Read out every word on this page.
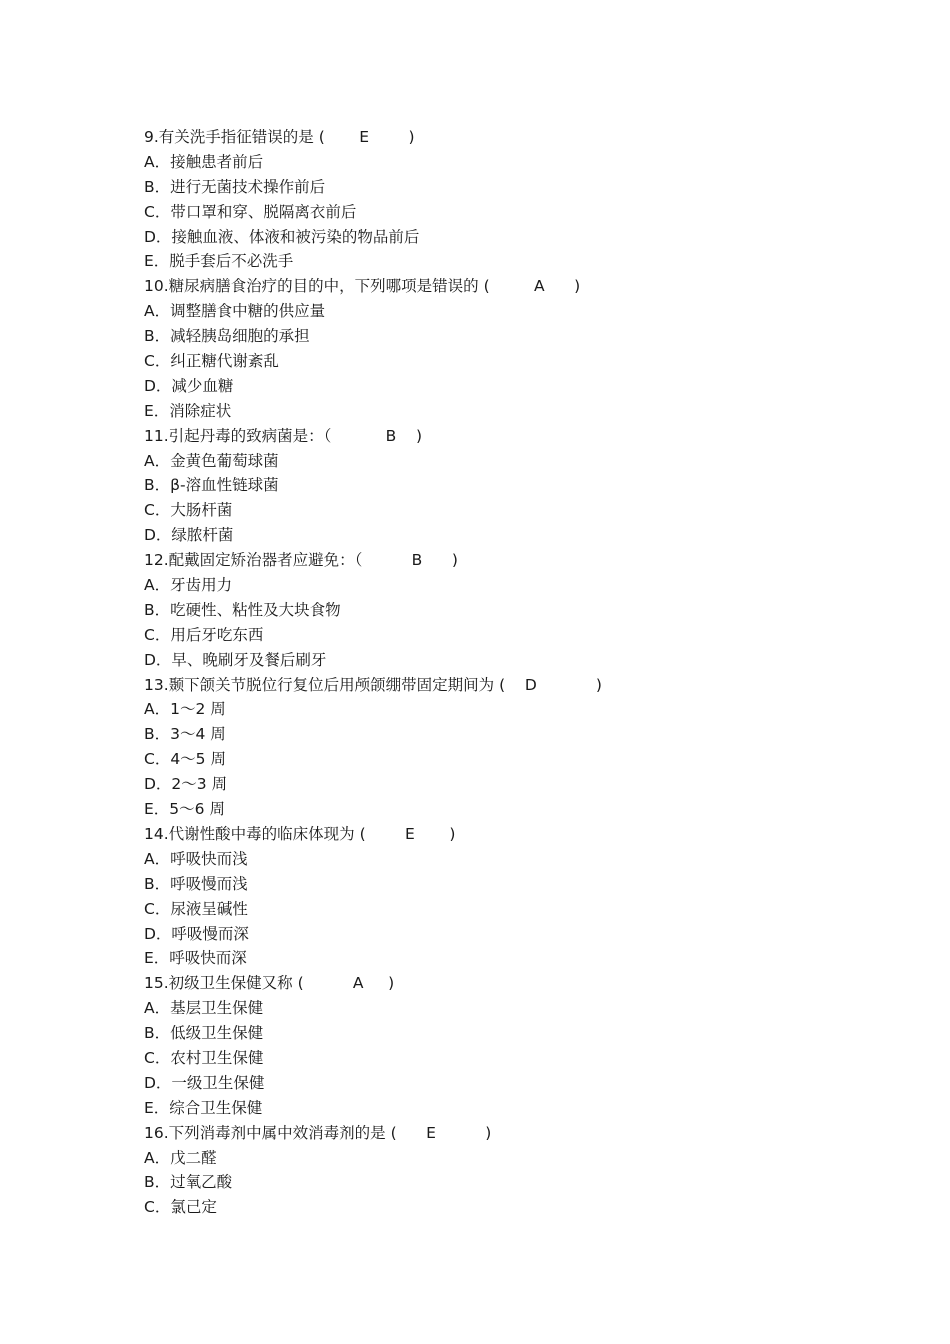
9.有关洗手指征错误的是 (       E        )
A．接触患者前后
B．进行无菌技术操作前后
C．带口罩和穿、脱隔离衣前后
D．接触血液、体液和被污染的物品前后
E．脱手套后不必洗手
10.糖尿病膳食治疗的目的中，下列哪项是错误的 (         A      )
A．调整膳食中糖的供应量
B．减轻胰岛细胞的承担
C．纠正糖代谢紊乱
D．减少血糖
E．消除症状
11.引起丹毒的致病菌是：（           B    )
A．金黄色葡萄球菌
B．β-溶血性链球菌
C．大肠杆菌
D．绿脓杆菌
12.配戴固定矫治器者应避免：（          B      )
A．牙齿用力
B．吃硬性、粘性及大块食物
C．用后牙吃东西
D．早、晚刷牙及餐后刷牙
13.颞下颌关节脱位行复位后用颅颌绷带固定期间为 (    D            )
A．1～2 周
B．3～4 周
C．4～5 周
D．2～3 周
E．5～6 周
14.代谢性酸中毒的临床体现为 (        E       )
A．呼吸快而浅
B．呼吸慢而浅
C．尿液呈碱性
D．呼吸慢而深
E．呼吸快而深
15.初级卫生保健又称 (          A     )
A．基层卫生保健
B．低级卫生保健
C．农村卫生保健
D．一级卫生保健
E．综合卫生保健
16.下列消毒剂中属中效消毒剂的是 (      E          )
A．戊二醛
B．过氧乙酸
C．氯己定
